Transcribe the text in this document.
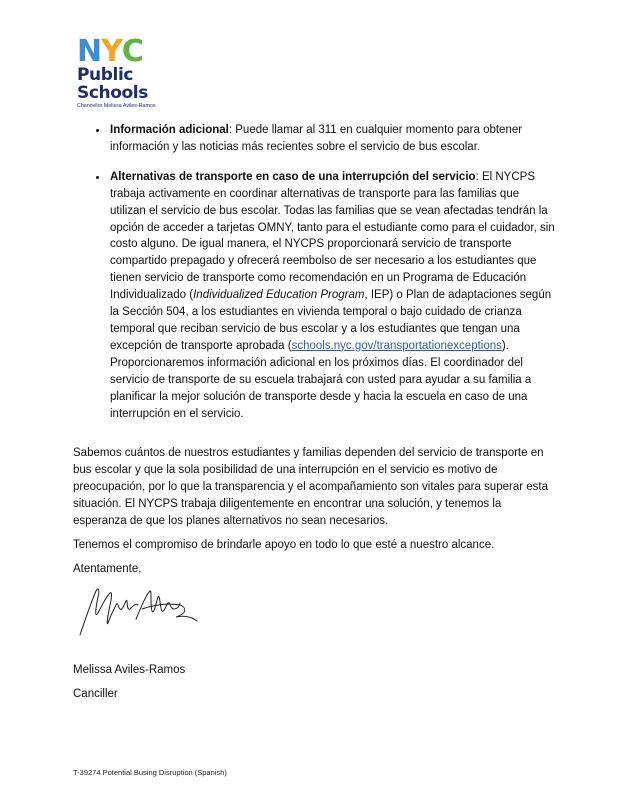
N Y C
Public
Schools
Chancellor Melissa Aviles-Ramos
• Información adicional: Puede llamar al 311 en cualquier momento para obtener información y las noticias más recientes sobre el servicio de bus escolar.
• Alternativas de transporte en caso de una interrupción del servicio: El NYCPS trabaja activamente en coordinar alternativas de transporte para las familias que utilizan el servicio de bus escolar. Todas las familias que se vean afectadas tendrán la opción de acceder a tarjetas OMNY, tanto para el estudiante como para el cuidador, sin costo alguno. De igual manera, el NYCPS proporcionará servicio de transporte compartido prepagado y ofrecerá reembolso de ser necesario a los estudiantes que tienen servicio de transporte como recomendación en un Programa de Educación Individualizado (Individualized Education Program, IEP) o Plan de adaptaciones según la Sección 504, a los estudiantes en vivienda temporal o bajo cuidado de crianza temporal que reciban servicio de bus escolar y a los estudiantes que tengan una excepción de transporte aprobada (schools.nyc.gov/transportationexceptions). Proporcionaremos información adicional en los próximos días. El coordinador del servicio de transporte de su escuela trabajará con usted para ayudar a su familia a planificar la mejor solución de transporte desde y hacia la escuela en caso de una interrupción en el servicio.

Sabemos cuántos de nuestros estudiantes y familias dependen del servicio de transporte en bus escolar y que la sola posibilidad de una interrupción en el servicio es motivo de preocupación, por lo que la transparencia y el acompañamiento son vitales para superar esta situación. El NYCPS trabaja diligentemente en encontrar una solución, y tenemos la esperanza de que los planes alternativos no sean necesarios.

Tenemos el compromiso de brindarle apoyo en todo lo que esté a nuestro alcance.

Atentamente,

Melissa Aviles-Ramos

Canciller

T-39274 Potential Busing Disruption (Spanish)
